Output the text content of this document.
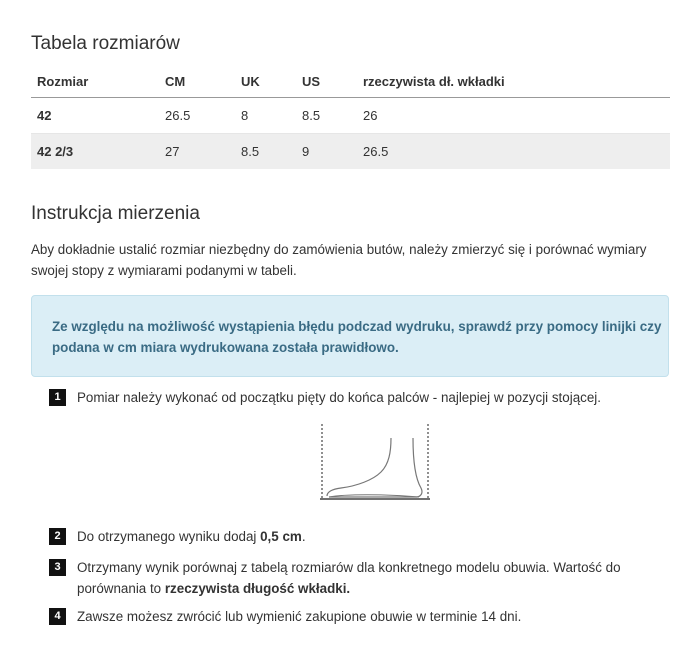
Tabela rozmiarów
Rozmiar	CM	UK	US	rzeczywista dł. wkładki
42	26.5	8	8.5	26
42 2/3	27	8.5	9	26.5
Instrukcja mierzenia
Aby dokładnie ustalić rozmiar niezbędny do zamówienia butów, należy zmierzyć się i porównać wymiary swojej stopy z wymiarami podanymi w tabeli.
Ze względu na możliwość wystąpienia błędu podczad wydruku, sprawdź przy pomocy linijki czy podana w cm miara wydrukowana została prawidłowo.
1	Pomiar należy wykonać od początku pięty do końca palców - najlepiej w pozycji stojącej.
2	Do otrzymanego wyniku dodaj 0,5 cm.
3	Otrzymany wynik porównaj z tabelą rozmiarów dla konkretnego modelu obuwia. Wartość do porównania to rzeczywista długość wkładki.
4	Zawsze możesz zwrócić lub wymienić zakupione obuwie w terminie 14 dni.
